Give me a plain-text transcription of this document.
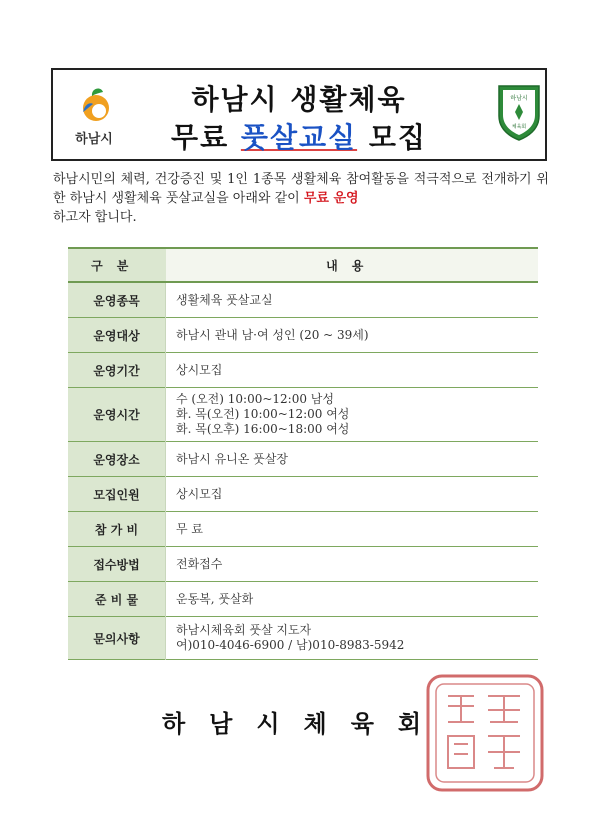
하남시
하남시 생활체육
무료 풋살교실 모집
하남시
체육회
하남시민의 체력, 건강증진 및 1인 1종목 생활체육 참여활동을 적극적으로 전개하기 위한 하남시 생활체육 풋살교실을 아래와 같이 무료 운영
하고자 합니다.
구분	내용
운영종목	생활체육 풋살교실
운영대상	하남시 관내 남·여 성인 (20 ~ 39세)
운영기간	상시모집
운영시간	수 (오전) 10:00~12:00 남성
화. 목(오전) 10:00~12:00 여성
화. 목(오후) 16:00~18:00 여성
운영장소	하남시 유니온 풋살장
모집인원	상시모집
참 가 비	무 료
접수방법	전화접수
준 비 물	운동복, 풋살화
문의사항	하남시체육회 풋살 지도자
여)010-4046-6900 / 남)010-8983-5942
하남시체육회
